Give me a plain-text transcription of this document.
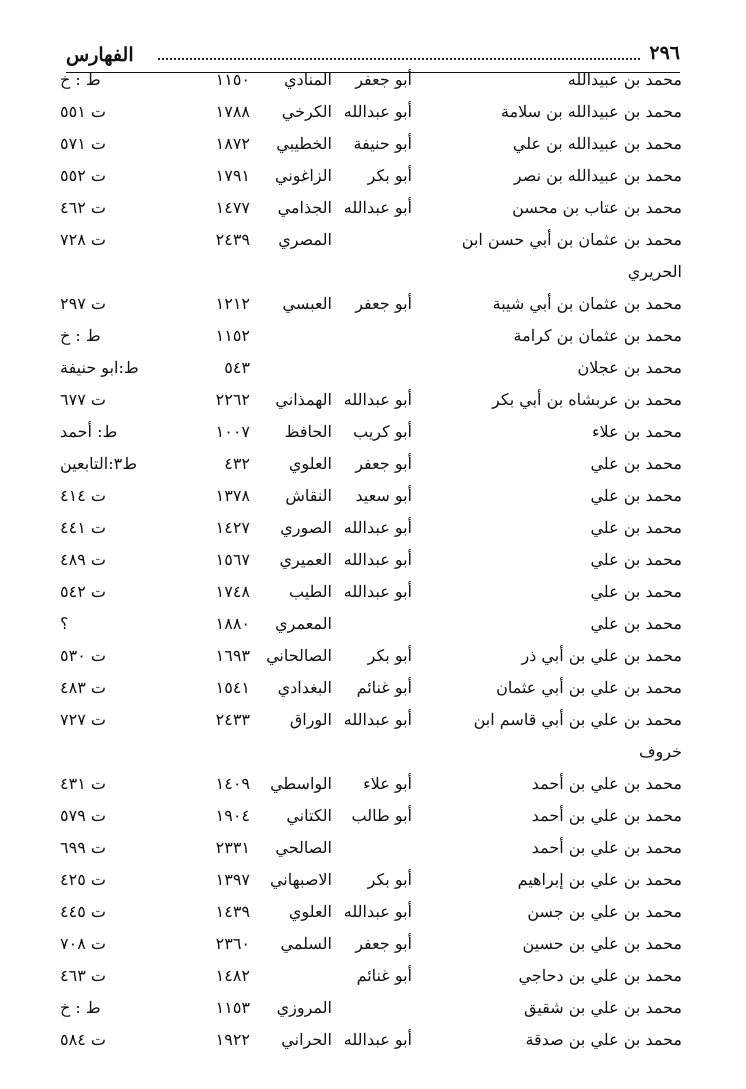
٢٩٦
الفهارس
محمد بن عبيدالله
أبو جعفر
المنادي
١١٥٠
ط : خ
محمد بن عبيدالله بن سلامة
أبو عبدالله
الكرخي
١٧٨٨
ت ٥٥١
محمد بن عبيدالله بن علي
أبو حنيفة
الخطيبي
١٨٧٢
ت ٥٧١
محمد بن عبيدالله بن نصر
أبو بكر
الزاغوني
١٧٩١
ت ٥٥٢
محمد بن عتاب بن محسن
أبو عبدالله
الجذامي
١٤٧٧
ت ٤٦٢
محمد بن عثمان بن أبي حسن ابن
المصري
٢٤٣٩
ت ٧٢٨
الحريري
محمد بن عثمان بن أبي شيبة
أبو جعفر
العبسي
١٢١٢
ت ٢٩٧
محمد بن عثمان بن كرامة
١١٥٢
ط : خ
محمد بن عجلان
٥٤٣
ط:ابو حنيفة
محمد بن عربشاه بن أبي بكر
أبو عبدالله
الهمذاني
٢٢٦٢
ت ٦٧٧
محمد بن علاء
أبو كريب
الحافظ
١٠٠٧
ط: أحمد
محمد بن علي
أبو جعفر
العلوي
٤٣٢
ط٣:التابعين
محمد بن علي
أبو سعيد
النقاش
١٣٧٨
ت ٤١٤
محمد بن علي
أبو عبدالله
الصوري
١٤٢٧
ت ٤٤١
محمد بن علي
أبو عبدالله
العميري
١٥٦٧
ت ٤٨٩
محمد بن علي
أبو عبدالله
الطيب
١٧٤٨
ت ٥٤٢
محمد بن علي
المعمري
١٨٨٠
؟
محمد بن علي بن أبي ذر
أبو بكر
الصالحاني
١٦٩٣
ت ٥٣٠
محمد بن علي بن أبي عثمان
أبو غنائم
البغدادي
١٥٤١
ت ٤٨٣
محمد بن علي بن أبي قاسم ابن
أبو عبدالله
الوراق
٢٤٣٣
ت ٧٢٧
خروف
محمد بن علي بن أحمد
أبو علاء
الواسطي
١٤٠٩
ت ٤٣١
محمد بن علي بن أحمد
أبو طالب
الكتاني
١٩٠٤
ت ٥٧٩
محمد بن علي بن أحمد
الصالحي
٢٣٣١
ت ٦٩٩
محمد بن علي بن إبراهيم
أبو بكر
الاصبهاني
١٣٩٧
ت ٤٢٥
محمد بن علي بن جسن
أبو عبدالله
العلوي
١٤٣٩
ت ٤٤٥
محمد بن علي بن حسين
أبو جعفر
السلمي
٢٣٦٠
ت ٧٠٨
محمد بن علي بن دحاجي
أبو غنائم
١٤٨٢
ت ٤٦٣
محمد بن علي بن شقيق
المروزي
١١٥٣
ط : خ
محمد بن علي بن صدقة
أبو عبدالله
الحراني
١٩٢٢
ت ٥٨٤
